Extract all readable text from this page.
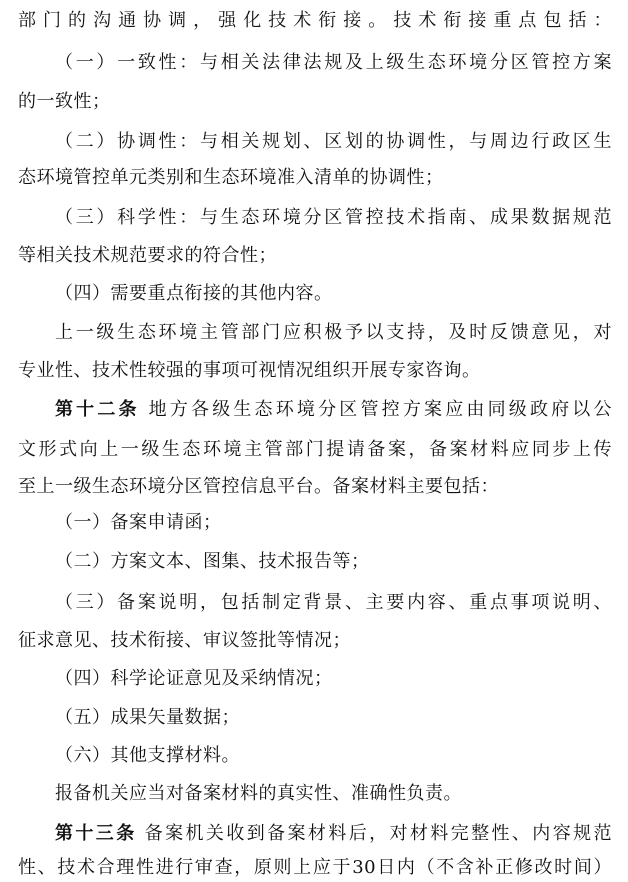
部门的沟通协调，强化技术衔接。技术衔接重点包括：
（一）一致性：与相关法律法规及上级生态环境分区管控方案
的一致性；
（二）协调性：与相关规划、区划的协调性，与周边行政区生
态环境管控单元类别和生态环境准入清单的协调性；
（三）科学性：与生态环境分区管控技术指南、成果数据规范
等相关技术规范要求的符合性；
（四）需要重点衔接的其他内容。
上一级生态环境主管部门应积极予以支持，及时反馈意见，对
专业性、技术性较强的事项可视情况组织开展专家咨询。
第十二条 地方各级生态环境分区管控方案应由同级政府以公
文形式向上一级生态环境主管部门提请备案，备案材料应同步上传
至上一级生态环境分区管控信息平台。备案材料主要包括：
（一）备案申请函；
（二）方案文本、图集、技术报告等；
（三）备案说明，包括制定背景、主要内容、重点事项说明、
征求意见、技术衔接、审议签批等情况；
（四）科学论证意见及采纳情况；
（五）成果矢量数据；
（六）其他支撑材料。
报备机关应当对备案材料的真实性、准确性负责。
第十三条 备案机关收到备案材料后，对材料完整性、内容规范
性、技术合理性进行审查，原则上应于30日内（不含补正修改时间）
